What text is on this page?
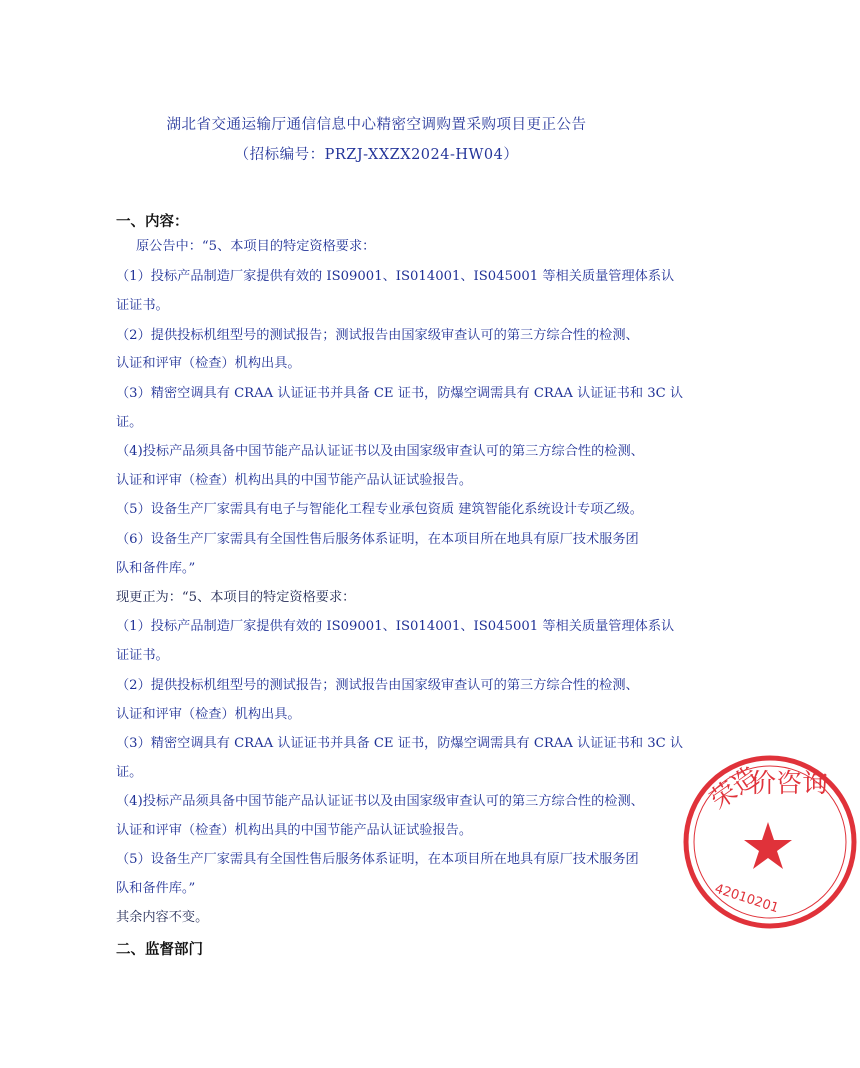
湖北省交通运输厅通信信息中心精密空调购置采购项目更正公告
（招标编号：PRZJ-XXZX2024-HW04）
一、内容：
原公告中：“5、本项目的特定资格要求：
（1）投标产品制造厂家提供有效的 IS09001、IS014001、IS045001 等相关质量管理体系认
证证书。
（2）提供投标机组型号的测试报告；测试报告由国家级审查认可的第三方综合性的检测、
认证和评审（检查）机构出具。
（3）精密空调具有 CRAA 认证证书并具备 CE 证书，防爆空调需具有 CRAA 认证证书和 3C 认
证。
（4)投标产品须具备中国节能产品认证证书以及由国家级审查认可的第三方综合性的检测、
认证和评审（检查）机构出具的中国节能产品认证试验报告。
（5）设备生产厂家需具有电子与智能化工程专业承包资质 建筑智能化系统设计专项乙级。
（6）设备生产厂家需具有全国性售后服务体系证明，在本项目所在地具有原厂技术服务团
队和备件库。”
现更正为：“5、本项目的特定资格要求：
（1）投标产品制造厂家提供有效的 IS09001、IS014001、IS045001 等相关质量管理体系认
证证书。
（2）提供投标机组型号的测试报告；测试报告由国家级审查认可的第三方综合性的检测、
认证和评审（检查）机构出具。
（3）精密空调具有 CRAA 认证证书并具备 CE 证书，防爆空调需具有 CRAA 认证证书和 3C 认
证。
（4)投标产品须具备中国节能产品认证证书以及由国家级审查认可的第三方综合性的检测、
认证和评审（检查）机构出具的中国节能产品认证试验报告。
（5）设备生产厂家需具有全国性售后服务体系证明，在本项目所在地具有原厂技术服务团
队和备件库。”
其余内容不变。
二、监督部门
荣造
价咨询
42010201
